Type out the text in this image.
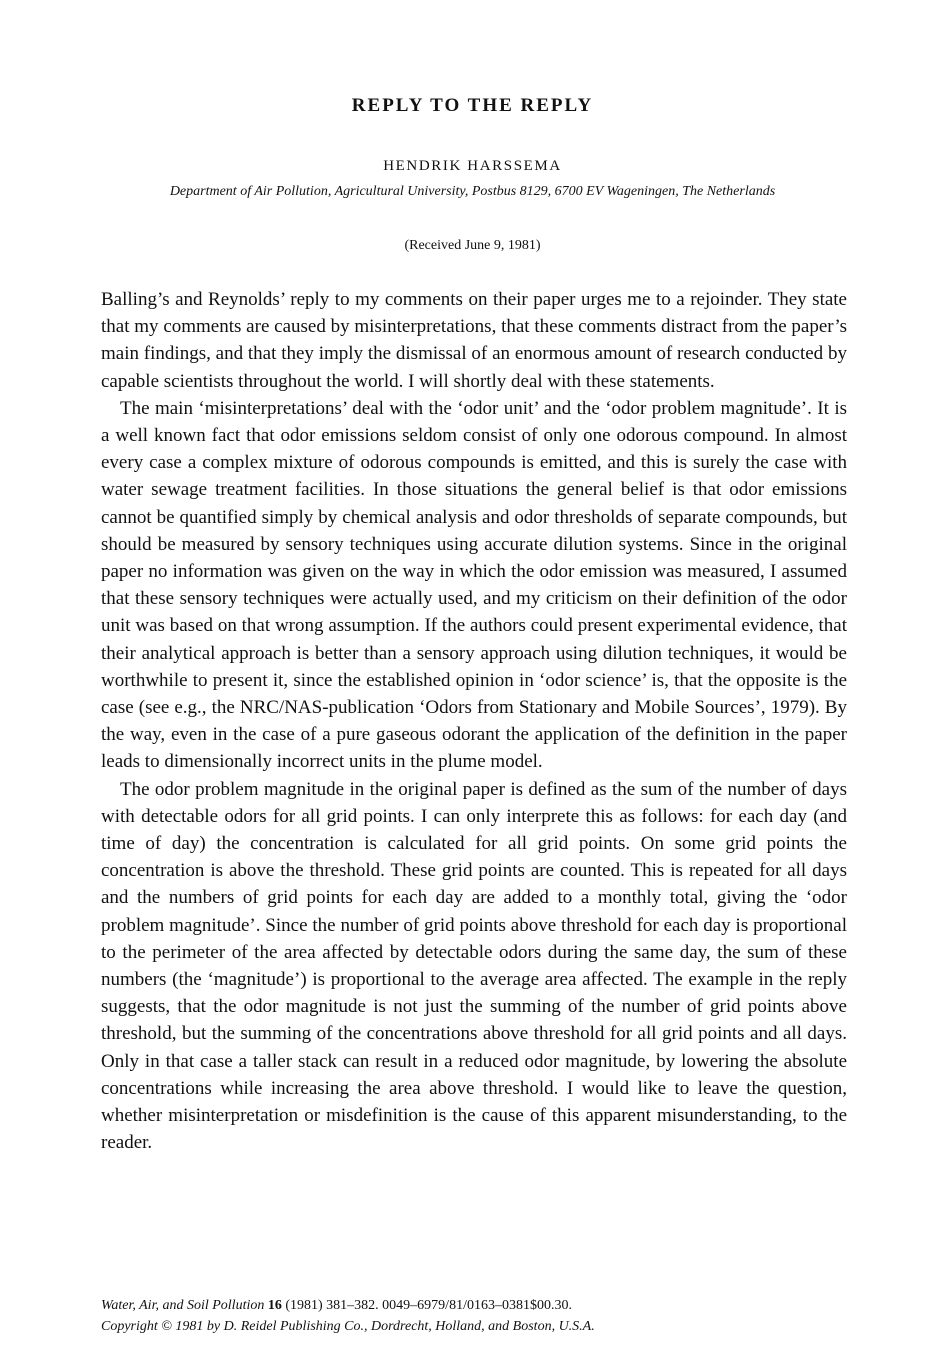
REPLY TO THE REPLY
HENDRIK HARSSEMA
Department of Air Pollution, Agricultural University, Postbus 8129, 6700 EV Wageningen, The Netherlands
(Received June 9, 1981)

Balling’s and Reynolds’ reply to my comments on their paper urges me to a rejoinder. They state that my comments are caused by misinterpretations, that these comments distract from the paper’s main findings, and that they imply the dismissal of an enormous amount of research conducted by capable scientists throughout the world. I will shortly deal with these statements.

The main ‘misinterpretations’ deal with the ‘odor unit’ and the ‘odor problem magnitude’. It is a well known fact that odor emissions seldom consist of only one odorous compound. In almost every case a complex mixture of odorous compounds is emitted, and this is surely the case with water sewage treatment facilities. In those situations the general belief is that odor emissions cannot be quantified simply by chemical analysis and odor thresholds of separate compounds, but should be measured by sensory techniques using accurate dilution systems. Since in the original paper no information was given on the way in which the odor emission was measured, I assumed that these sensory techniques were actually used, and my criticism on their definition of the odor unit was based on that wrong assumption. If the authors could present experimental evidence, that their analytical approach is better than a sensory approach using dilution techniques, it would be worthwhile to present it, since the established opinion in ‘odor science’ is, that the opposite is the case (see e.g., the NRC/NAS-publication ‘Odors from Stationary and Mobile Sources’, 1979). By the way, even in the case of a pure gaseous odorant the application of the definition in the paper leads to dimensionally incorrect units in the plume model.

The odor problem magnitude in the original paper is defined as the sum of the number of days with detectable odors for all grid points. I can only interprete this as follows: for each day (and time of day) the concentration is calculated for all grid points. On some grid points the concentration is above the threshold. These grid points are counted. This is repeated for all days and the numbers of grid points for each day are added to a monthly total, giving the ‘odor problem magnitude’. Since the number of grid points above threshold for each day is proportional to the perimeter of the area affected by detectable odors during the same day, the sum of these numbers (the ‘magnitude’) is proportional to the average area affected. The example in the reply suggests, that the odor magnitude is not just the summing of the number of grid points above threshold, but the summing of the concentrations above threshold for all grid points and all days. Only in that case a taller stack can result in a reduced odor magnitude, by lowering the absolute concentrations while increasing the area above threshold. I would like to leave the question, whether misinterpretation or misdefinition is the cause of this apparent misunderstanding, to the reader.

Water, Air, and Soil Pollution 16 (1981) 381–382. 0049–6979/81/0163–0381$00.30.
Copyright © 1981 by D. Reidel Publishing Co., Dordrecht, Holland, and Boston, U.S.A.
